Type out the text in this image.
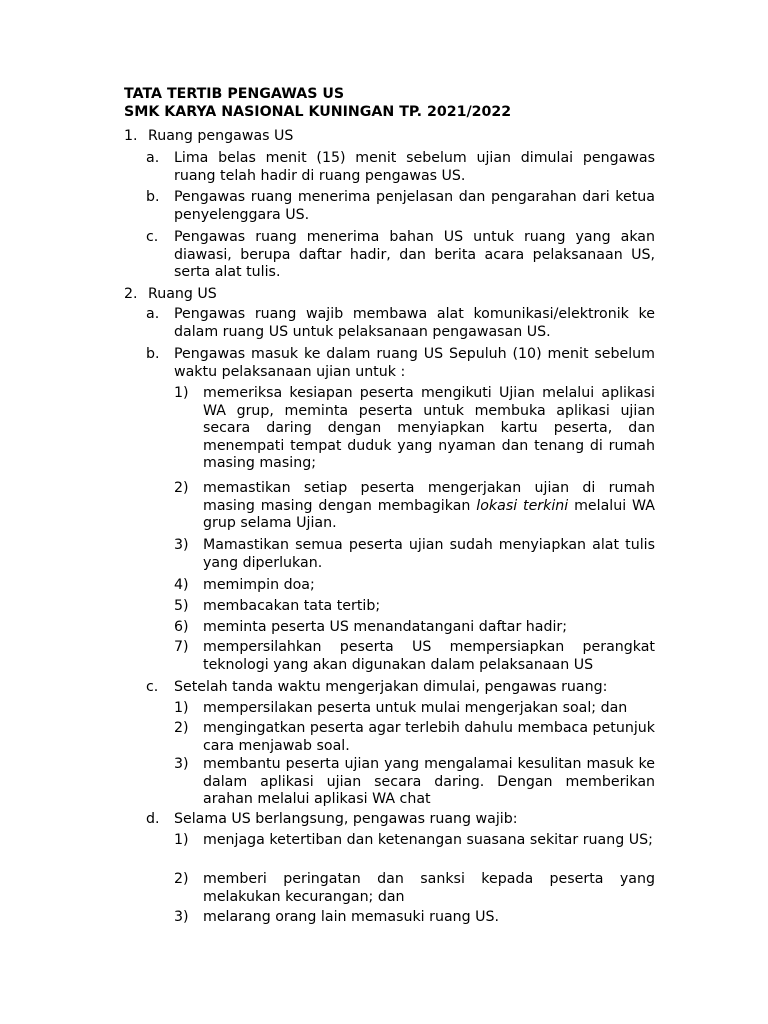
TATA TERTIB PENGAWAS US
SMK KARYA NASIONAL KUNINGAN TP. 2021/2022
1. Ruang pengawas US
a.	Lima belas menit (15) menit sebelum ujian dimulai pengawas ruang telah hadir di ruang pengawas US.
b.	Pengawas ruang menerima penjelasan dan pengarahan dari ketua penyelenggara US.
c.	Pengawas ruang menerima bahan US untuk ruang yang akan diawasi, berupa daftar hadir, dan berita acara pelaksanaan US, serta alat tulis.
2. Ruang US
a.	Pengawas ruang wajib membawa alat komunikasi/elektronik ke dalam ruang US untuk pelaksanaan pengawasan US.
b.	Pengawas masuk ke dalam ruang US Sepuluh (10) menit sebelum waktu pelaksanaan ujian untuk :
1)	memeriksa kesiapan peserta mengikuti Ujian melalui aplikasi WA grup, meminta peserta untuk membuka aplikasi ujian secara daring dengan menyiapkan kartu peserta, dan menempati tempat duduk yang nyaman dan tenang di rumah masing masing;
2)	memastikan setiap peserta mengerjakan ujian di rumah masing masing dengan membagikan lokasi terkini melalui WA grup selama Ujian.
3)	Mamastikan semua peserta ujian sudah menyiapkan alat tulis yang diperlukan.
4)	memimpin doa;
5)	membacakan tata tertib;
6)	meminta peserta US menandatangani daftar hadir;
7)	mempersilahkan peserta US mempersiapkan perangkat teknologi yang akan digunakan dalam pelaksanaan US
c.	Setelah tanda waktu mengerjakan dimulai, pengawas ruang:
1)	mempersilakan peserta untuk mulai mengerjakan soal; dan
2)	mengingatkan peserta agar terlebih dahulu membaca petunjuk cara menjawab soal.
3)	membantu peserta ujian yang mengalamai kesulitan masuk ke dalam aplikasi ujian secara daring. Dengan memberikan arahan melalui aplikasi WA chat
d.	Selama US berlangsung, pengawas ruang wajib:
1)	menjaga ketertiban dan ketenangan suasana sekitar ruang US;
2)	memberi peringatan dan sanksi kepada peserta yang melakukan kecurangan; dan
3)	melarang orang lain memasuki ruang US.
